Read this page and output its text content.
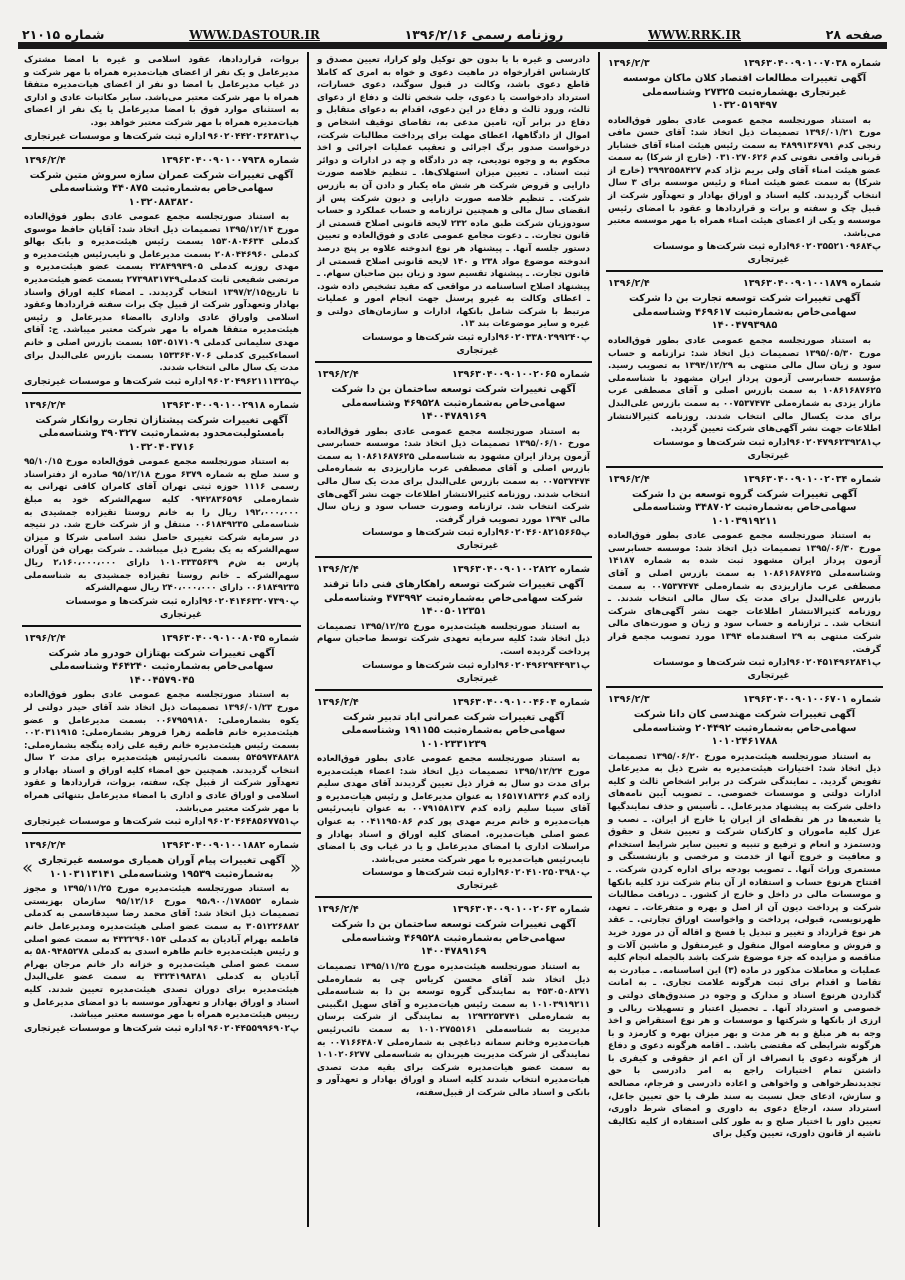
صفحه ۲۸
WWW.RRK.IR
روزنامه رسمی ۱۳۹۶/۲/۱۶
WWW.DASTOUR.IR
شماره ۲۱۰۱۵
شماره ۱۳۹۶۳۰۴۰۰۹۰۱۰۰۷۰۳۸
۱۳۹۶/۲/۳
آگهی تغییرات مطالعات اقتصاد کلان ماکان موسسه غیرتجاری بهشماره‌ثبت ۲۷۳۲۵ وشناسه‌ملی ۱۰۳۲۰۵۱۹۴۹۷
به استناد صورتجلسه مجمع عمومی عادی بطور فوق‌العاده مورخ ۱۳۹۶/۰۱/۲۱ تصمیمات ذیل اتخاذ شد: آقای حسن مافی رنجی کدم ۴۸۹۹۱۳۶۷۹۱ به سمت رئیس هیئت امناء آقای خشایار قربانی واقعی نفوتی کدم ۰۳۱۰۲۷۰۶۲۶ (خارج از شرکا) به سمت عضو هیئت امناء آقای ولی بریم نژاد کدم ۲۹۹۲۵۵۸۴۲۷ (خارج از شرکا) به سمت عضو هیئت امناء و رئیس موسسه برای ۳ سال انتخاب گردیدند. کلیه اسناد و اوراق بهادار و تعهدآور شرکت از قبیل چک و سفته و برات و قراردادها و عقود با امضای رئیس موسسه و یکی از اعضای هیئت امناء همراه با مهر موسسه معتبر می‌باشد.
پ۹۶۰۲۰۳۵۵۲۱۰۹۶۸۴
اداره ثبت شرکت‌ها و موسسات غیرتجاری
شماره ۱۳۹۶۳۰۴۰۰۹۰۱۰۰۱۸۷۹
۱۳۹۶/۲/۴
آگهی تغییرات شرکت توسعه تجارت بن دا شرکت سهامی‌خاص به‌شماره‌ثبت ۴۶۹۶۱۷ وشناسه‌ملی ۱۴۰۰۴۷۹۳۹۸۵
به استناد صورتجلسه مجمع عمومی عادی بطور فوق‌العاده مورخ ۱۳۹۵/۰۵/۳۰ تصمیمات ذیل اتخاذ شد: ترازنامه و حساب سود و زیان سال مالی منتهی به ۱۳۹۴/۱۲/۲۹ به تصویب رسید. مؤسسه حسابرسی آزمون پرداز ایران مشهود با شناسه‌ملی ۱۰۸۶۱۶۸۷۶۲۵ به سمت بازرس اصلی و آقای مصطفی عرب مازار یزدی به شماره‌ملی ۰۰۷۵۳۷۴۷۴ به سمت بازرس علی‌البدل برای مدت یکسال مالی انتخاب شدند. روزنامه کثیرالانتشار اطلاعات جهت نشر آگهی‌های شرکت تعیین گردید.
پ۹۶۰۲۰۴۷۹۶۲۳۹۲۸۱
اداره ثبت شرکت‌ها و موسسات غیرتجاری
شماره ۱۳۹۶۳۰۴۰۰۹۰۱۰۰۲۰۳۴
۱۳۹۶/۲/۴
آگهی تغییرات شرکت گروه توسعه بن دا شرکت سهامی‌خاص به‌شماره‌ثبت ۳۴۸۷۰۲ وشناسه‌ملی ۱۰۱۰۳۹۱۹۲۱۱
به استناد صورتجلسه مجمع عمومی عادی بطور فوق‌العاده مورخ ۱۳۹۵/۰۶/۳۰ تصمیمات ذیل اتخاذ شد: موسسه حسابرسی آزمون پرداز ایران مشهود ثبت شده به شماره ۱۴۱۸۷ وشناسه‌ملی ۱۰۸۶۱۶۸۷۶۲۵ به سمت بازرس اصلی و آقای مصطفی عرب مازاریزدی به شماره‌ملی ۰۰۷۵۳۷۴۷۴ به سمت بازرس علی‌البدل برای مدت یک سال مالی انتخاب شدند. ـ روزنامه کثیرالانتشار اطلاعات جهت نشر آگهی‌های شرکت انتخاب شد. ـ ترازنامه و حساب سود و زیان و صورت‌های مالی شرکت منتهی به ۲۹ اسفندماه ۱۳۹۴ مورد تصویب مجمع قرار گرفت.
پ۹۶۰۲۰۴۵۱۴۹۶۲۸۴۱
اداره ثبت شرکت‌ها و موسسات غیرتجاری
شماره ۱۳۹۶۳۰۴۰۰۹۰۱۰۰۶۷۰۱
۱۳۹۶/۲/۳
آگهی تغییرات شرکت مهندسی کان دانا شرکت سهامی‌خاص به‌شماره‌ثبت ۲۰۴۴۹۲ وشناسه‌ملی ۱۰۱۰۲۴۶۱۷۸۸
به استناد صورتجلسه هیئت‌مدیره مورخ ۱۳۹۵/۰۶/۲۰ تصمیمات ذیل اتخاذ شد: اختیارات هیئت‌مدیره به شرح ذیل به مدیرعامل تفویض گردید. ـ نمایندگی شرکت در برابر اشخاص ثالث و کلیه ادارات دولتی و موسسات خصوصی. ـ تصویب آیین نامه‌های داخلی شرکت به پیشنهاد مدیرعامل. ـ تأسیس و حذف نمایندگیها یا شعبه‌ها در هر نقطه‌ای از ایران یا خارج از ایران. ـ نصب و عزل کلیه ماموران و کارکنان شرکت و تعیین شغل و حقوق ودستمزد و انعام و ترفیع و تنبیه و تعیین سایر شرایط استخدام و معافیت و خروج آنها از خدمت و مرخصی و بازنشستگی و مستمری وراث آنها. ـ تصویب بودجه برای اداره کردن شرکت. ـ افتتاح هرنوع حساب و استفاده از آن بنام شرکت نزد کلیه بانکها و موسسات مالی در داخل و خارج از کشور. ـ دریافت مطالبات شرکت و پرداخت دیون آن از اصل و بهره و متفرعات. ـ تعهد، ظهرنویسی، قبولی، پرداخت و واخواست اوراق تجارتی. ـ عقد هر نوع قرارداد و تغییر و تبدیل یا فسخ و اقاله آن در مورد خرید و فروش و معاوضه اموال منقول و غیرمنقول و ماشین آلات و مناقصه و مزایده که جزء موضوع شرکت باشد بالجمله انجام کلیه عملیات و معاملات مذکور در ماده (۳) این اساسنامه. ـ مبادرت به تقاضا و اقدام برای ثبت هرگونه علامت تجاری. ـ به امانت گذاردن هرنوع اسناد و مدارک و وجوه در صندوق‌های دولتی و خصوصی و استرداد آنها. ـ تحصیل اعتبار و تسهیلات ریالی و ارزی از بانکها و شرکتها و موسسات و هر نوع استقراض و اخذ وجه به هر مبلغ و به هر مدت و بهر میزان بهره و کارمزد و با هرگونه شرایطی که مقتضی باشد. ـ اقامه هرگونه دعوی و دفاع از هرگونه دعوی یا انصراف از آن اعم از حقوقی و کیفری با داشتن تمام اختیارات راجع به امر دادرسی با حق تجدیدنظرخواهی و واخواهی و اعاده دادرسی و فرجام، مصالحه و سازش، ادعای جعل نسبت به سند طرف یا حق تعیین جاعل، استرداد سند، ارجاع دعوی به داوری و امضای شرط داوری، تعیین داور با اختیار صلح و به طور کلی استفاده از کلیه تکالیف ناشیه از قانون داوری، تعیین وکیل برای
دادرسی و غیره با یا بدون حق توکیل ولو کرارا، تعیین مصدق و کارشناس اقرارخواه در ماهیت دعوی و خواه به امری که کاملا قاطع دعوی باشد، وکالت در قبول سوگند، دعوی خسارات، استرداد دادخواست یا دعوی، جلب شخص ثالث و دفاع از دعوای ثالث، ورود ثالث و دفاع در این دعوی، اقدام به دعوای متقابل و دفاع در برابر آن، تامین مدعی به، تقاضای توقیف اشخاص و اموال از دادگاهها، اعطای مهلت برای پرداخت مطالبات شرکت، درخواست صدور برگ اجرائی و تعقیب عملیات اجرائی و اخذ محکوم به و وجوه تودیعی، چه در دادگاه و چه در ادارات و دوائر ثبت اسناد. ـ تعیین میزان استهلاک‌ها. ـ تنظیم خلاصه صورت دارایی و قروض شرکت هر شش ماه یکبار و دادن آن به بازرس شرکت. ـ تنظیم خلاصه صورت دارایی و دیون شرکت پس از انقضای سال مالی و همچنین ترازنامه و حساب عملکرد و حساب سودوزیان شرکت طبق ماده ۲۳۲ لایحه قانونی اصلاح قسمتی از قانون تجارت. ـ دعوت مجامع عمومی عادی و فوق‌العاده و تعیین دستور جلسه آنها. ـ پیشنهاد هر نوع اندوخته علاوه بر پنج درصد اندوخته موضوع مواد ۲۳۸ و ۱۴۰ لایحه قانونی اصلاح قسمتی از قانون تجارت. ـ پیشنهاد تقسیم سود و زیان بین صاحبان سهام. ـ پیشنهاد اصلاح اساسنامه در مواقعی که مفید تشخیص داده شود. ـ اعطای وکالت به غیرو پرسنل جهت انجام امور و عملیات مرتبط با شرکت شامل بانکها، ادارات و سازمان‌های دولتی و غیره و سایر موضوعات بند ۱۳.
پ۹۶۰۲۰۳۳۸۰۲۹۹۲۴۰
اداره ثبت شرکت‌ها و موسسات غیرتجاری
شماره ۱۳۹۶۳۰۴۰۰۹۰۱۰۰۲۰۶۵
۱۳۹۶/۲/۴
آگهی تغییرات شرکت توسعه ساختمان بن دا شرکت سهامی‌خاص به‌شماره‌ثبت ۴۶۹۵۲۸ وشناسه‌ملی ۱۴۰۰۴۷۸۹۱۶۹
به استناد صورتجلسه مجمع عمومی عادی بطور فوق‌العاده مورخ ۱۳۹۵/۰۶/۱۰ تصمیمات ذیل اتخاذ شد: موسسه حسابرسی آزمون پرداز ایران مشهود به شناسه‌ملی ۱۰۸۶۱۶۸۷۶۲۵ به سمت بازرس اصلی و آقای مصطفی عرب مازاریزدی به شماره‌ملی ۰۰۷۵۳۷۴۷۴ به سمت بازرس علی‌البدل برای مدت یک سال مالی انتخاب شدند. روزنامه کثیرالانتشار اطلاعات جهت نشر آگهی‌های شرکت انتخاب شد. ترازنامه وصورت حساب سود و زیان سال مالی ۱۳۹۴ مورد تصویب قرار گرفت.
پ۹۶۰۲۰۴۶۰۸۲۱۵۶۶۵
اداره ثبت شرکت‌ها و موسسات غیرتجاری
شماره ۱۳۹۶۳۰۴۰۰۹۰۱۰۰۲۸۲۲
۱۳۹۶/۲/۴
آگهی تغییرات شرکت توسعه راهکارهای فنی دانا ترقند شرکت سهامی‌خاص به‌شماره‌ثبت ۴۷۳۹۹۲ وشناسه‌ملی ۱۴۰۰۵۰۱۲۳۵۱
به استناد صورتجلسه هیئت‌مدیره مورخ ۱۳۹۵/۱۲/۲۵ تصمیمات ذیل اتخاذ شد: کلیه سرمایه تعهدی شرکت توسط صاحبان سهام پرداخت گردیده است.
پ۹۶۰۲۰۴۹۶۲۹۴۴۹۳۱
اداره ثبت شرکت‌ها و موسسات غیرتجاری
شماره ۱۳۹۶۳۰۴۰۰۹۰۱۰۰۴۶۰۴
۱۳۹۶/۲/۴
آگهی تغییرات شرکت عمرانی اباد تدبیر شرکت سهامی‌خاص به‌شماره‌ثبت ۱۹۱۱۵۵ وشناسه‌ملی ۱۰۱۰۲۳۳۱۲۳۹
به استناد صورتجلسه مجمع عمومی عادی بطور فوق‌العاده مورخ ۱۳۹۵/۱۲/۲۴ تصمیمات ذیل اتخاذ شد: اعضاء هیئت‌مدیره برای مدت دو سال به قرار ذیل تعیین گردیدند آقای مهدی سلیم زاده کدم ۱۶۵۱۷۱۸۳۲۶ به عنوان مدیرعامل و رئیس هیات‌مدیره و آقای سینا سلیم زاده کدم ۰۰۷۹۱۵۸۱۳۷ به عنوان نایب‌رئیس هیات‌مدیره و خانم مریم مهدی پور کدم ۰۰۴۱۱۹۵۰۸۶ به عنوان عضو اصلی هیات‌مدیره. امضای کلیه اوراق و اسناد بهادار و مراسلات اداری با امضای مدیرعامل و یا در غیاب وی با امضای نایب‌رئیس هیات‌مدیره با مهر شرکت معتبر می‌باشد.
پ۹۶۰۲۰۴۱۰۲۵۰۳۹۸۰
اداره ثبت شرکت‌ها و موسسات غیرتجاری
شماره ۱۳۹۶۳۰۴۰۰۹۰۱۰۰۲۰۶۳
۱۳۹۶/۲/۴
آگهی تغییرات شرکت توسعه ساختمان بن دا شرکت سهامی‌خاص به‌شماره‌ثبت ۴۶۹۵۲۸ وشناسه‌ملی ۱۴۰۰۴۷۸۹۱۶۹
به استناد صورتجلسه هیئت‌مدیره مورخ ۱۳۹۵/۱۱/۲۵ تصمیمات ذیل اتخاذ شد آقای محسن کریاس چی به شماره‌ملی ۴۵۳۰۵۰۸۲۷۱ به نمایندگی گروه توسعه بن دا به شناسه‌ملی ۱۰۱۰۳۹۱۹۲۱۱ به سمت رئیس هیات‌مدیره و آقای سهیل انگبینی به شماره‌ملی ۱۲۹۳۲۵۳۷۴۱ به نمایندگی از شرکت برسان مدیریت به شناسه‌ملی ۱۰۱۰۲۷۵۵۱۶۱ به سمت نائب‌رئیس هیات‌مدیره وخانم سمانه دباغچی به شماره‌ملی ۰۰۷۱۶۶۴۸۰۷ به نمایندگی از شرکت مدیریت هیربدان به شناسه‌ملی ۱۰۱۰۲۰۶۲۷۷ به سمت عضو هیات‌مدیره شرکت برای بقیه مدت تصدی هیات‌مدیره انتخاب شدند کلیه اسناد و اوراق بهادار و تعهدآور و بانکی و اسناد مالی شرکت از قبیل‌سفته،
بروات، قراردادها، عقود اسلامی و غیره با امضا مشترک مدیرعامل و یک نفر از اعضای هیات‌مدیره همراه با مهر شرکت و در غیاب مدیرعامل با امضا دو نفر از اعضای هیات‌مدیره متفقا همراه با مهر شرکت معتبر می‌باشد. سایر مکاتبات عادی و اداری به استثنای موارد فوق با امضا مدیرعامل یا یک نفر از اعضای هیات‌مدیره همراه با مهر شرکت معتبر خواهد بود.
پ۹۶۰۲۰۴۴۲۰۳۶۳۸۳۱
اداره ثبت شرکت‌ها و موسسات غیرتجاری
شماره ۱۳۹۶۳۰۴۰۰۹۰۱۰۰۷۹۳۸
۱۳۹۶/۲/۴
آگهی تغییرات شرکت عمران سازه سروش متین شرکت سهامی‌خاص به‌شماره‌ثبت ۴۴۰۸۷۵ وشناسه‌ملی ۱۰۳۲۰۸۸۳۸۲۰
به استناد صورتجلسه مجمع عمومی عادی بطور فوق‌العاده مورخ ۱۳۹۵/۱۲/۱۴ تصمیمات ذیل اتخاذ شد: آقایان حافظ موسوی کدملی ۱۵۳۰۸۰۴۶۳۴ بسمت رئیس هیئت‌مدیره و بابک بهالو کدملی ۲۰۸۰۴۴۶۹۶۰ بسمت مدیرعامل و نایب‌رئیس هیئت‌مدیره و مهدی روزبه کدملی ۴۲۸۴۹۹۴۹۰۵ بسمت عضو هیئت‌مدیره و مرتضی شفیعی ثابت کدملی۲۷۳۹۸۳۱۷۴۹ بسمت عضو هیئت‌مدیره تا تاریخ۱۳۹۷/۲/۱۵ انتخاب گردیدند. ـ امضاء کلیه اوراق واسناد بهادار وتعهدآور شرکت از قبیل چک برات سفته قراردادها وعقود اسلامی واوراق عادی واداری باامضاء مدیرعامل و رئیس هیئت‌مدیره متفقا همراه با مهر شرکت معتبر میباشد. ج: آقای مهدی سلیمانی کدملی ۱۵۳۰۵۱۷۱۰۹ بسمت بازرس اصلی و خانم اسماءکبیری کدملی ۱۵۳۳۶۴۰۷۰۶ بسمت بازرس علی‌البدل برای مدت یک سال مالی انتخاب شدند.
پ۹۶۰۲۰۴۹۶۲۱۱۱۳۲۵
اداره ثبت شرکت‌ها و موسسات غیرتجاری
شماره ۱۳۹۶۳۰۴۰۰۹۰۱۰۰۲۹۱۸
۱۳۹۶/۲/۴
آگهی تغییرات شرکت پیشتازان تجارت روانکار شرکت بامسئولیت‌محدود به‌شماره‌ثبت ۳۹۰۳۲۷ وشناسه‌ملی ۱۰۳۲۰۴۰۳۷۱۶
به استناد صورتجلسه مجمع عمومی فوق‌العاده مورخ ۹۵/۱۰/۱۵ و سند صلح به شماره ۶۳۷۹ مورخ ۹۵/۱۲/۱۸ صادره از دفتراسناد رسمی ۱۱۱۶ حوزه ثبتی تهران آقای کامران کافی تهرانی به شماره‌ملی ۰۹۴۲۸۳۶۵۹۶ کلیه سهم‌الشرکه خود به مبلغ ۱۹۲،۰۰۰،۰۰۰ ریال را به خانم روستا تقیزاده جمشیدی به شناسه‌ملی ۰۰۶۱۸۴۹۲۳۵ منتقل و از شرکت خارج شد. در نتیجه در سرمایه شرکت تغییری حاصل نشد اسامی شرکا و میزان سهم‌الشرکه به یک بشرح ذیل میباشد. ـ شرکت بهران فن آوران پارس به ش‌م ۱۰۱۰۳۳۳۵۶۳۹ دارای ۲،۱۶۰،۰۰۰،۰۰۰ ریال سهم‌الشرکه ـ خانم روستا تقیزاده جمشیدی به شناسه‌ملی ۰۰۶۱۸۴۹۲۳۵ دارای ۲۴۰،۰۰۰،۰۰۰ ریال سهم‌الشرکه
پ۹۶۰۲۰۴۱۴۶۳۲۰۷۳۹۰
اداره ثبت شرکت‌ها و موسسات غیرتجاری
شماره ۱۳۹۶۳۰۴۰۰۹۰۱۰۰۸۰۴۵
۱۳۹۶/۲/۴
آگهی تغییرات شرکت بهتازان خودرو ماد شرکت سهامی‌خاص به‌شماره‌ثبت ۴۶۴۲۴۰ وشناسه‌ملی ۱۴۰۰۴۵۷۹۰۴۵
به استناد صورتجلسه مجمع عمومی عادی بطور فوق‌العاده مورخ ۱۳۹۶/۰۱/۲۳ تصمیمات ذیل اتخاذ شد آقای حیدر دولتی لر یکوه بشماره‌ملی: ۰۰۶۷۹۵۹۱۸۰ بسمت مدیرعامل و عضو هیئت‌مدیره خانم فاطمه زهرا فروهر بشماره‌ملی: ۰۰۲۰۳۱۱۹۱۵ بسمت رئیس هیئت‌مدیره خانم رقیه علی زاده ینگجه بشماره‌ملی: ۵۴۵۹۷۴۸۸۲۸ بسمت نائب‌رئیس هیئت‌مدیره برای مدت ۲ سال انتخاب گردیدند. همچنین حق امضاء کلیه اوراق و اسناد بهادار و تعهدآور شرکت از قبیل چک، سفته، بروات، قراردادها و عقود اسلامی و اوراق عادی و اداری با امضاء مدیرعامل بتنهائی همراه با مهر شرکت معتبر می‌باشد.
پ۹۶۰۲۰۴۶۴۸۵۶۷۷۵۱
اداره ثبت شرکت‌ها و موسسات غیرتجاری
شماره ۱۳۹۶۳۰۴۰۰۹۰۱۰۰۱۸۸۲
۱۳۹۶/۲/۴
«
آگهی تغییرات پیام آوران همیاری موسسه غیرتجاری به‌شماره‌ثبت ۱۹۵۳۹ وشناسه‌ملی ۱۰۱۰۳۱۱۳۱۴۱
»
به استناد صورتجلسه هیئت‌مدیره مورخ ۱۳۹۵/۱۱/۲۵ و مجوز شماره ۹۵،۹۰۰/۱۷۸۵۵۲ مورخ ۹۵/۱۲/۱۶ سازمان بهزیستی تصمیمات ذیل اتخاذ شد: آقای محمد رضا سیدقاسمی به کدملی ۳۰۵۱۲۲۶۸۸۲ به سمت عضو اصلی هیئت‌مدیره ومدیرعامل خانم فاطمه بهرام آبادیان به کدملی ۴۳۲۲۹۶۰۱۵۴ به سمت عضو اصلی و رئیس هیئت‌مدیره خانم طاهره اسدی به کدملی ۵۸۰۹۴۸۵۲۷۸ به سمت عضو اصلی هیئت‌مدیره و خزانه دار خانم مرجان بهرام آبادیان به کدملی ۴۳۲۴۱۹۸۳۸۱ به سمت عضو علی‌البدل هیئت‌مدیره برای دوران تصدی هیئت‌مدیره تعیین شدند. کلیه اسناد و اوراق بهادار و تعهدآور موسسه با دو امضای مدیرعامل و رییس هیئت‌مدیره همراه با مهر موسسه معتبر میباشد.
پ۹۶۰۲۰۴۴۵۵۹۹۶۹۰۲
اداره ثبت شرکت‌ها و موسسات غیرتجاری
